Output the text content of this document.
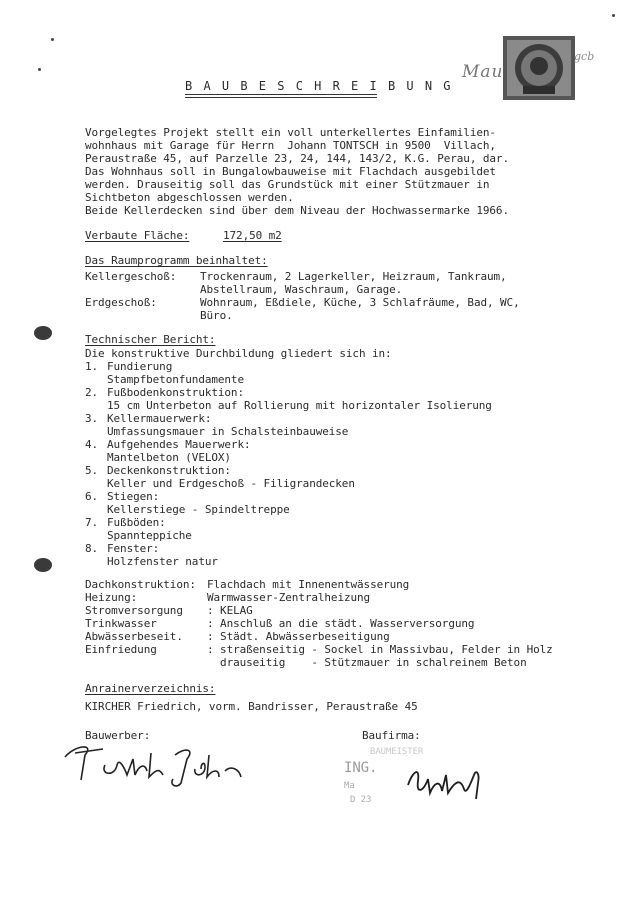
Mau
gcb
B A U B E S C H R E I B U N G
Vorgelegtes Projekt stellt ein voll unterkellertes Einfamilien-
wohnhaus mit Garage für Herrn  Johann TONTSCH in 9500  Villach,
Peraustraße 45, auf Parzelle 23, 24, 144, 143/2, K.G. Perau, dar.
Das Wohnhaus soll in Bungalowbauweise mit Flachdach ausgebildet
werden. Drauseitig soll das Grundstück mit einer Stützmauer in
Sichtbeton abgeschlossen werden.
Beide Kellerdecken sind über dem Niveau der Hochwassermarke 1966.
Verbaute Fläche:	172,50 m2
Das Raumprogramm beinhaltet:
Kellergeschoß: Trockenraum, 2 Lagerkeller, Heizraum, Tankraum,
Abstellraum, Waschraum, Garage.
Erdgeschoß:	Wohnraum, Eßdiele, Küche, 3 Schlafräume, Bad, WC,
Büro.
Technischer Bericht:
Die konstruktive Durchbildung gliedert sich in:
1. Fundierung
Stampfbetonfundamente
2. Fußbodenkonstruktion:
15 cm Unterbeton auf Rollierung mit horizontaler Isolierung
3. Kellermauerwerk:
Umfassungsmauer in Schalsteinbauweise
4. Aufgehendes Mauerwerk:
Mantelbeton (VELOX)
5. Deckenkonstruktion:
Keller und Erdgeschoß - Filigrandecken
6. Stiegen:
Kellerstiege - Spindeltreppe
7. Fußböden:
Spannteppiche
8. Fenster:
Holzfenster natur
Dachkonstruktion: Flachdach mit Innenentwässerung
Heizung:	Warmwasser-Zentralheizung
Stromversorgung : KELAG
Trinkwasser	: Anschluß an die städt. Wasserversorgung
Abwässerbeseit. : Städt. Abwässerbeseitigung
Einfriedung	: straßenseitig - Sockel in Massivbau, Felder in Holz
drauseitig    - Stützmauer in schalreinem Beton
Anrainerverzeichnis:
KIRCHER Friedrich, vorm. Bandrisser, Peraustraße 45
Bauwerber:	Baufirma:
BAUMEISTER
ING.
Ma
D 23
